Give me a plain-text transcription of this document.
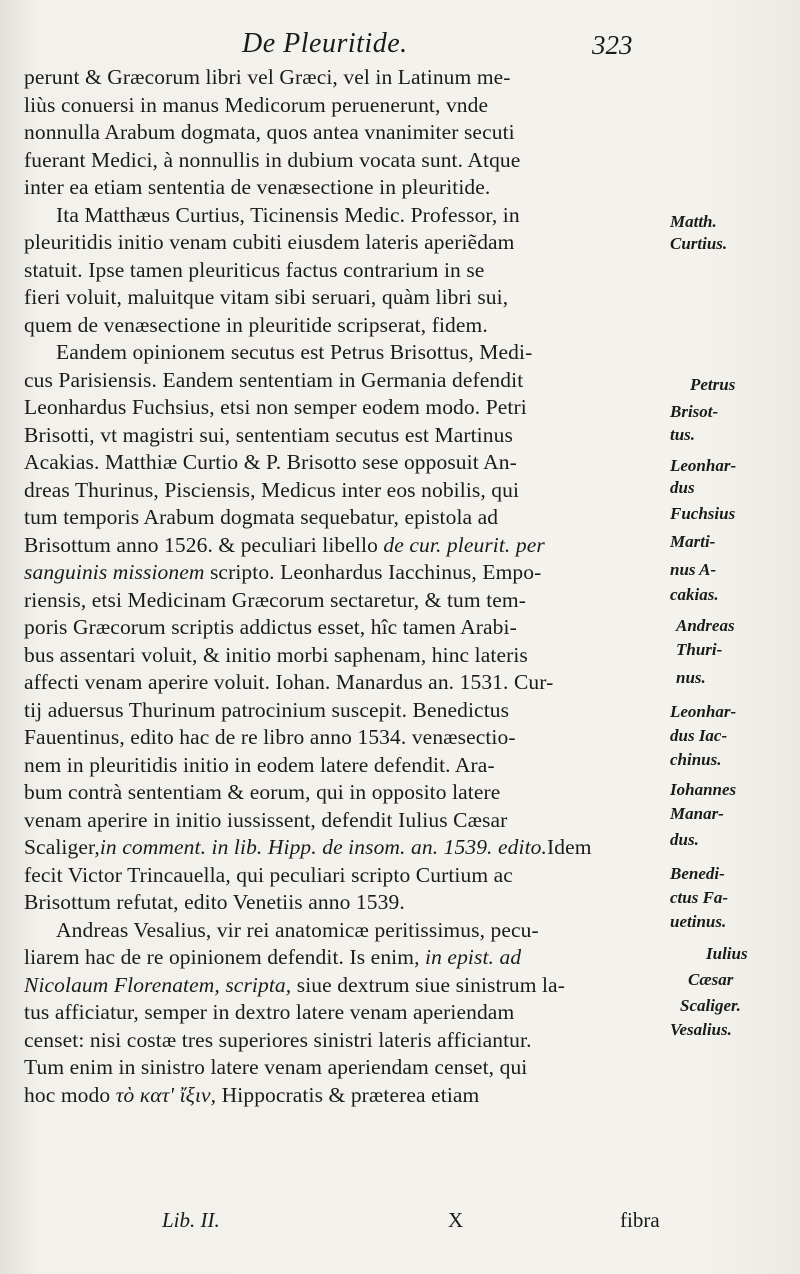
De Pleuritide.	323
perunt & Græcorum libri vel Græci, vel in Latinum me-
liùs conuersi in manus Medicorum peruenerunt, vnde
nonnulla Arabum dogmata, quos antea vnanimiter secuti
fuerant Medici, à nonnullis in dubium vocata sunt. Atque
inter ea etiam sententia de venæsectione in pleuritide.
Ita Matthæus Curtius, Ticinensis Medic. Professor, in
pleuritidis initio venam cubiti eiusdem lateris aperiẽdam
statuit. Ipse tamen pleuriticus factus contrarium in se
fieri voluit, maluitque vitam sibi seruari, quàm libri sui,
quem de venæsectione in pleuritide scripserat, fidem.
Eandem opinionem secutus est Petrus Brisottus, Medi-
cus Parisiensis. Eandem sententiam in Germania defendit
Leonhardus Fuchsius, etsi non semper eodem modo. Petri
Brisotti, vt magistri sui, sententiam secutus est Martinus
Acakias. Matthiæ Curtio & P. Brisotto sese opposuit An-
dreas Thurinus, Pisciensis, Medicus inter eos nobilis, qui
tum temporis Arabum dogmata sequebatur, epistola ad
Brisottum anno 1526. & peculiari libello de cur. pleurit. per
sanguinis missionem scripto. Leonhardus Iacchinus, Empo-
riensis, etsi Medicinam Græcorum sectaretur, & tum tem-
poris Græcorum scriptis addictus esset, hîc tamen Arabi-
bus assentari voluit, & initio morbi saphenam, hinc lateris
affecti venam aperire voluit. Iohan. Manardus an. 1531. Cur-
tij aduersus Thurinum patrocinium suscepit. Benedictus
Fauentinus, edito hac de re libro anno 1534. venæsectio-
nem in pleuritidis initio in eodem latere defendit. Ara-
bum contrà sententiam & eorum, qui in opposito latere
venam aperire in initio iussissent, defendit Iulius Cæsar
Scaliger,in comment. in lib. Hipp. de insom. an. 1539. edito.Idem
fecit Victor Trincauella, qui peculiari scripto Curtium ac
Brisottum refutat, edito Venetiis anno 1539.
Andreas Vesalius, vir rei anatomicæ peritissimus, pecu-
liarem hac de re opinionem defendit. Is enim, in epist. ad
Nicolaum Florenatem, scripta, siue dextrum siue sinistrum la-
tus afficiatur, semper in dextro latere venam aperiendam
censet: nisi costæ tres superiores sinistri lateris afficiantur.
Tum enim in sinistro latere venam aperiendam censet, qui
hoc modo τὸ κατ' ἴξιν, Hippocratis & præterea etiam
Matth.
Curtius.
Petrus
Brisot-
tus.
Leonhar-
dus
Fuchsius
Marti-
nus A-
cakias.
Andreas
Thuri-
nus.
Leonhar-
dus Iac-
chinus.
Iohannes
Manar-
dus.
Benedi-
ctus Fa-
uetinus.
Iulius
Cæsar
Scaliger.
Vesalius.
Lib. II.	X	fibra
